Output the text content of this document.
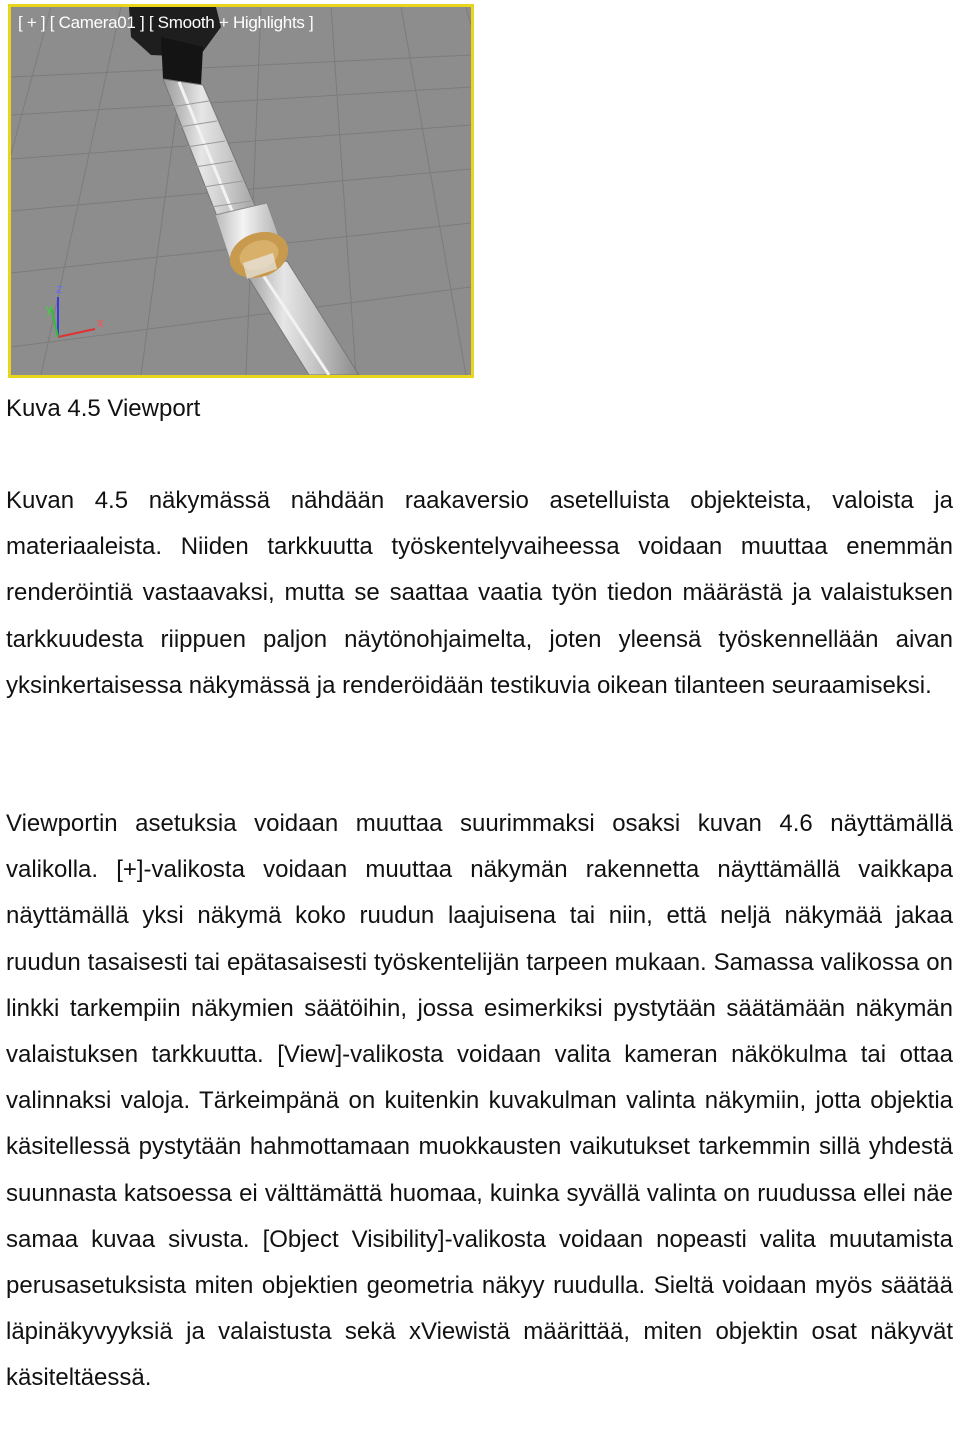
z
y
x
[ + ] [ Camera01 ] [ Smooth + Highlights ]
Kuva 4.5 Viewport

Kuvan 4.5 näkymässä nähdään raakaversio asetelluista objekteista, valoista ja materiaaleista. Niiden tarkkuutta työskentelyvaiheessa voidaan muuttaa enemmän renderöintiä vastaavaksi, mutta se saattaa vaatia työn tiedon määrästä ja valaistuksen tarkkuudesta riippuen paljon näytönohjaimelta, joten yleensä työskennellään aivan yksinkertaisessa näkymässä ja renderöidään testikuvia oikean tilanteen seuraamiseksi.

Viewportin asetuksia voidaan muuttaa suurimmaksi osaksi kuvan 4.6 näyttämällä valikolla. [+]-valikosta voidaan muuttaa näkymän rakennetta näyttämällä vaikkapa näyttämällä yksi näkymä koko ruudun laajuisena tai niin, että neljä näkymää jakaa ruudun tasaisesti tai epätasaisesti työskentelijän tarpeen mukaan. Samassa valikossa on linkki tarkempiin näkymien säätöihin, jossa esimerkiksi pystytään säätämään näkymän valaistuksen tarkkuutta. [View]-valikosta voidaan valita kameran näkökulma tai ottaa valinnaksi valoja. Tärkeimpänä on kuitenkin kuvakulman valinta näkymiin, jotta objektia käsitellessä pystytään hahmottamaan muokkausten vaikutukset tarkemmin sillä yhdestä suunnasta katsoessa ei välttämättä huomaa, kuinka syvällä valinta on ruudussa ellei näe samaa kuvaa sivusta. [Object Visibility]-valikosta voidaan nopeasti valita muutamista perusasetuksista miten objektien geometria näkyy ruudulla. Sieltä voidaan myös säätää läpinäkyvyyksiä ja valaistusta sekä xViewistä määrittää, miten objektin osat näkyvät käsiteltäessä.
